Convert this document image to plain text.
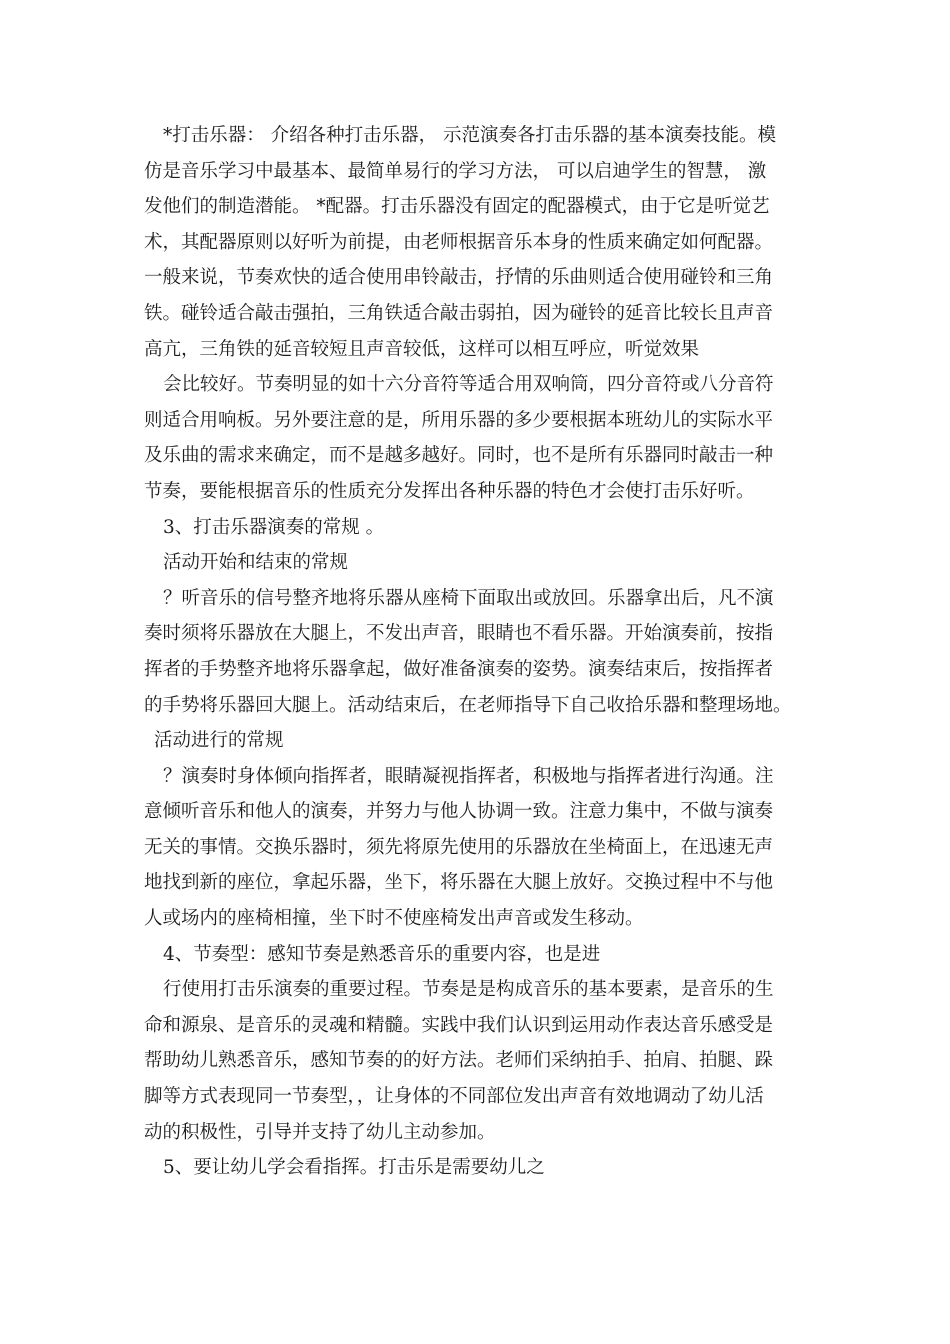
*打击乐器： 介绍各种打击乐器， 示范演奏各打击乐器的基本演奏技能。模
仿是音乐学习中最基本、最简单易行的学习方法， 可以启迪学生的智慧， 激
发他们的制造潜能。 *配器。打击乐器没有固定的配器模式，由于它是听觉艺
术，其配器原则以好听为前提，由老师根据音乐本身的性质来确定如何配器。
一般来说，节奏欢快的适合使用串铃敲击，抒情的乐曲则适合使用碰铃和三角
铁。碰铃适合敲击强拍，三角铁适合敲击弱拍，因为碰铃的延音比较长且声音
高亢，三角铁的延音较短且声音较低，这样可以相互呼应，听觉效果
会比较好。节奏明显的如十六分音符等适合用双响筒，四分音符或八分音符
则适合用响板。另外要注意的是，所用乐器的多少要根据本班幼儿的实际水平
及乐曲的需求来确定，而不是越多越好。同时，也不是所有乐器同时敲击一种
节奏，要能根据音乐的性质充分发挥出各种乐器的特色才会使打击乐好听。
3、打击乐器演奏的常规 。
活动开始和结束的常规
？听音乐的信号整齐地将乐器从座椅下面取出或放回。乐器拿出后，凡不演
奏时须将乐器放在大腿上，不发出声音，眼睛也不看乐器。开始演奏前，按指
挥者的手势整齐地将乐器拿起，做好准备演奏的姿势。演奏结束后，按指挥者
的手势将乐器回大腿上。活动结束后，在老师指导下自己收拾乐器和整理场地。
活动进行的常规
？演奏时身体倾向指挥者，眼睛凝视指挥者，积极地与指挥者进行沟通。注
意倾听音乐和他人的演奏，并努力与他人协调一致。注意力集中，不做与演奏
无关的事情。交换乐器时，须先将原先使用的乐器放在坐椅面上，在迅速无声
地找到新的座位，拿起乐器，坐下，将乐器在大腿上放好。交换过程中不与他
人或场内的座椅相撞，坐下时不使座椅发出声音或发生移动。
4、节奏型：感知节奏是熟悉音乐的重要内容，也是进
行使用打击乐演奏的重要过程。节奏是是构成音乐的基本要素，是音乐的生
命和源泉、是音乐的灵魂和精髓。实践中我们认识到运用动作表达音乐感受是
帮助幼儿熟悉音乐，感知节奏的的好方法。老师们采纳拍手、拍肩、拍腿、跺
脚等方式表现同一节奏型，，让身体的不同部位发出声音有效地调动了幼儿活
动的积极性，引导并支持了幼儿主动参加。
5、要让幼儿学会看指挥。打击乐是需要幼儿之
